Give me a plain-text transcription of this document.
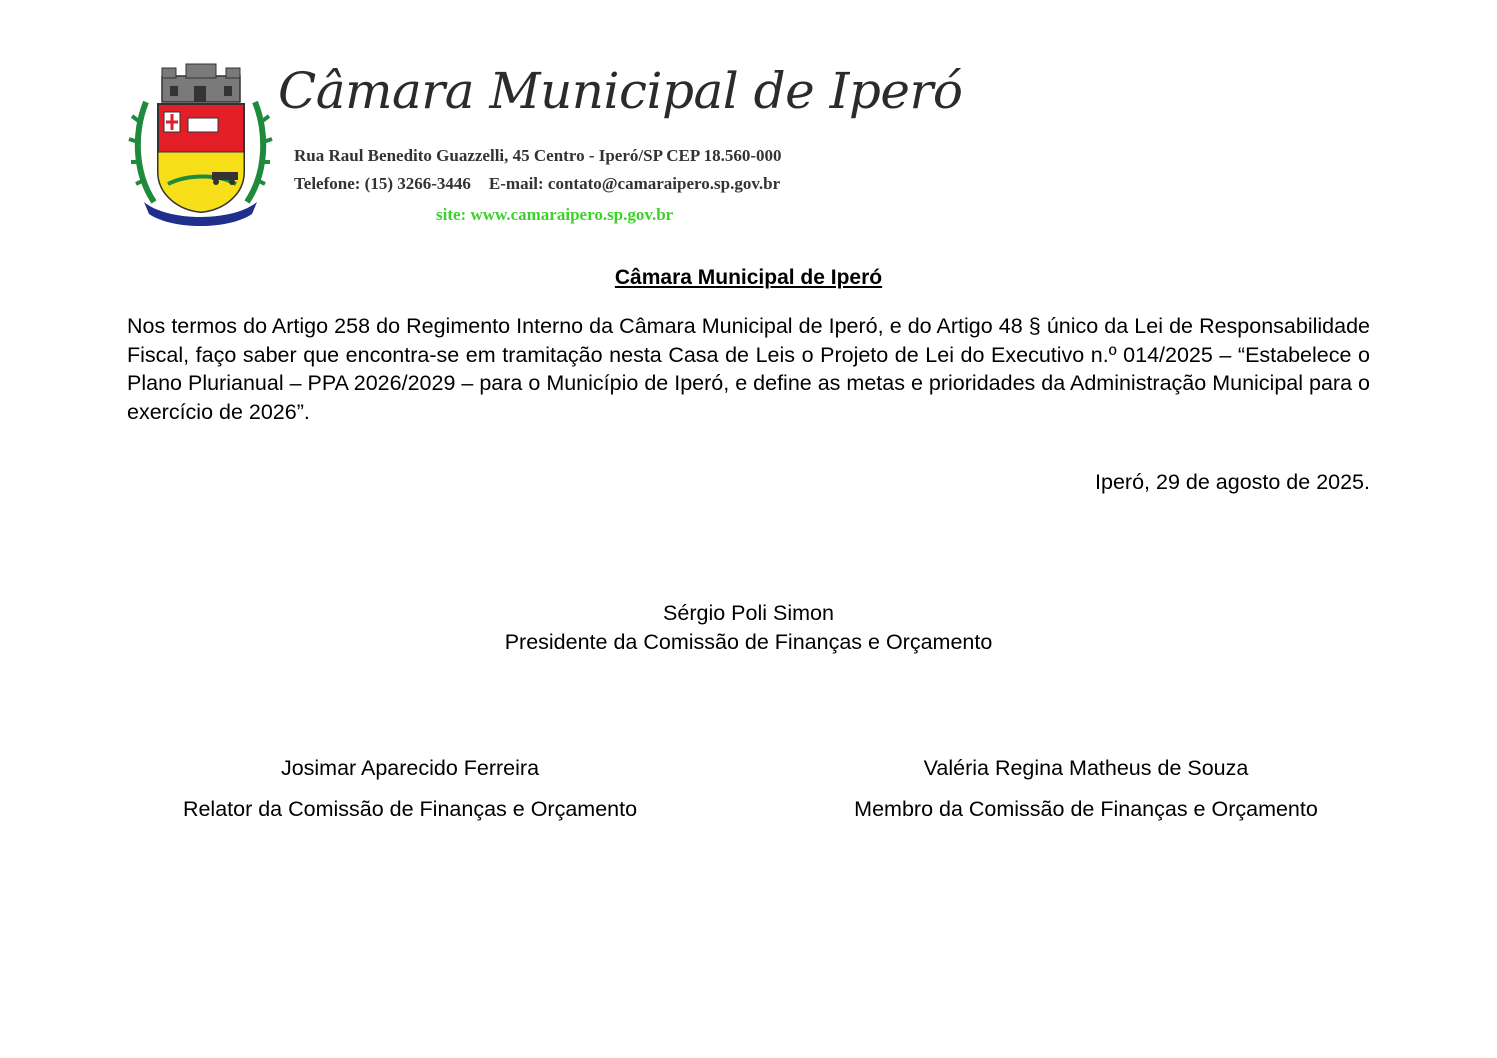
Câmara Municipal de Iperó

Rua Raul Benedito Guazzelli, 45 Centro - Iperó/SP CEP 18.560-000

Telefone: (15) 3266-3446 E-mail: contato@camaraipero.sp.gov.br

site: www.camaraipero.sp.gov.br

Câmara Municipal de Iperó

Nos termos do Artigo 258 do Regimento Interno da Câmara Municipal de Iperó, e do Artigo 48 § único da Lei de Responsabilidade Fiscal, faço saber que encontra-se em tramitação nesta Casa de Leis o Projeto de Lei do Executivo n.º 014/2025 – “Estabelece o Plano Plurianual – PPA 2026/2029 – para o Município de Iperó, e define as metas e prioridades da Administração Municipal para o exercício de 2026”.

Iperó, 29 de agosto de 2025.

Sérgio Poli Simon

Presidente da Comissão de Finanças e Orçamento

Josimar Aparecido Ferreira

Relator da Comissão de Finanças e Orçamento

Valéria Regina Matheus de Souza

Membro da Comissão de Finanças e Orçamento
